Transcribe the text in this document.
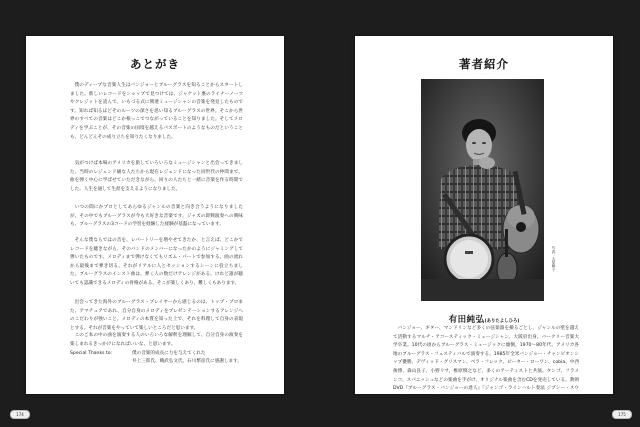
あとがき

僕のディープな音楽人生はバンジョーとブルーグラスを知ることからスタートしました。新しいレコードをショップで見つけては、ジャケット裏のライナーノーツやクレジットを読んで、いもづる式に関連ミュージシャンの音楽を発見したものです。知れば知るほどそのルーツの深さを思い知るブルーグラスの世界。そこから世界のすべての音楽はどこか根っこでつながっていることを知りました。そしてメロディを学ぶことが、その音楽の国境を越えるパスポートのようなものだということも、どんどんその成り立ちを知りたくなりました。

気がつけば本場のアメリカを旅していろいろなミュージシャンと出会ってきました。当時のレジェンド級な人たちから現在レジェンドになった同世代の仲間まで、曲を弾く中心に学ばせていただきながら、回りの人たちと一緒に音楽を作る時間でした。人生を通して生涯を支えるようになりました。

いつの間にかプロとしてあらゆるジャンルの音楽と向き合うようになりましたが、その中でもブルーグラスが今も大好きな音楽です。ジャズの即興演奏への興味も、ブルーグラスの3コードの学習を経験した経験が基盤になっています。

そんな僕ならではの音を、レパートリーを増やせてきたか、と言えば、どこかでレコードを聴きながら、そのバンドのメンバーになったかのようにジャミングして弾いたものです。メロディまで弾けなくてもリズム・パートで参加する。曲の流れから最後まで弾き切る。それがリアルに人とセッションするシーンに役立ちました。ブルーグラスのインスト曲は、弾く人の数だけアレンジがある。けれど誰が聴いても認識できるメロディの骨格がある。そこが楽しくあり、難しくもあります。

出会ってきた海外のブルーグラス・プレイヤーから感じるのは、トップ・プロまた、アマチュアであれ、自分自身のメロディをプレゼンテーションするアレンジへのこだわりが強いこと。メロディの本質を知った上で、それを料理して自身の表現とする。それが音楽をやっていて楽しいところだと思います。

このご本の中の曲を演奏する人のいろいろな解釈を理解して、自分自身の演奏を楽しまれるきっかけになればいいな、と思います。

Special Thanks to:	僕の音楽的成長に力を与えてくれた
井上三郎氏、織武弘文氏、石川繁彦氏に感謝します。
著者紹介
写真：大原藤子
有田純弘(ありたよしひろ)

バンジョー、ギター、マンドリンなど多くの弦楽器を操るごとし、ジャンルの壁を越えて活動するマルチ・アコースティック・ミュージシャン。大阪府出身。バークリー音楽大学卒業。10代の頃からブルーグラス・ミュージックに傾倒。1970〜80年代、アメリカ各地のブルーグラス・フェスティバルで演奏する。1985年全米バンジョー・チャンピオンシップ優勝。デヴィッド・グリスマン、ベラ・フレック、ピーター・ローワン、cobia、中西俊博、森山良子、小野リサ、椎原慎之など、多くのアーティストと共演。タンゴ、フラメンコ、スパニッシュなどの楽曲を手がけ、オリジナル楽曲を含むCDを発売している。教則DVD『ブルーグラス・バンジョーの達人』『ジャンゴ・ラインハルト奏法 ジプシー・スウィング・ギター』(リットーミュージック)を発売。洗足学園音楽大学で非常勤講師を務め、後進の指導にもあたっている。https://www.hiroarita.com/

174	175
